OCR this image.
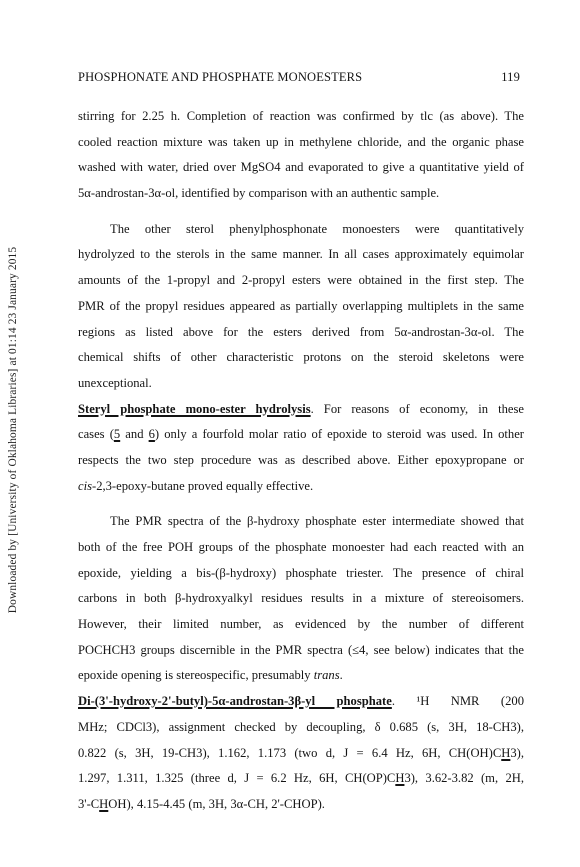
Downloaded by [University of Oklahoma Libraries] at 01:14 23 January 2015
PHOSPHONATE AND PHOSPHATE MONOESTERS	119
stirring for 2.25 h. Completion of reaction was confirmed by tlc (as above). The
cooled reaction mixture was taken up in methylene chloride, and the organic phase
washed with water, dried over MgSO4 and evaporated to give a quantitative yield of
5α-androstan-3α-ol, identified by comparison with an authentic sample.
The other sterol phenylphosphonate monoesters were quantitatively
hydrolyzed to the sterols in the same manner. In all cases approximately equimolar
amounts of the 1-propyl and 2-propyl esters were obtained in the first step. The
PMR of the propyl residues appeared as partially overlapping multiplets in the same
regions as listed above for the esters derived from 5α-androstan-3α-ol. The
chemical shifts of other characteristic protons on the steroid skeletons were
unexceptional.
Steryl phosphate mono-ester hydrolysis. For reasons of economy, in these
cases (5 and 6) only a fourfold molar ratio of epoxide to steroid was used. In other
respects the two step procedure was as described above. Either epoxypropane or
cis-2,3-epoxy-butane proved equally effective.
The PMR spectra of the β-hydroxy phosphate ester intermediate showed that
both of the free POH groups of the phosphate monoester had each reacted with an
epoxide, yielding a bis-(β-hydroxy) phosphate triester. The presence of chiral
carbons in both β-hydroxyalkyl residues results in a mixture of stereoisomers.
However, their limited number, as evidenced by the number of different
POCHCH3 groups discernible in the PMR spectra (≤4, see below) indicates that the
epoxide opening is stereospecific, presumably trans.
Di-(3'-hydroxy-2'-butyl)-5α-androstan-3β-yl phosphate. ¹H NMR (200
MHz; CDCl3), assignment checked by decoupling, δ 0.685 (s, 3H, 18-CH3),
0.822 (s, 3H, 19-CH3), 1.162, 1.173 (two d, J = 6.4 Hz, 6H, CH(OH)CH3),
1.297, 1.311, 1.325 (three d, J = 6.2 Hz, 6H, CH(OP)CH3), 3.62-3.82 (m, 2H,
3'-CHOH), 4.15-4.45 (m, 3H, 3α-CH, 2'-CHOP).
